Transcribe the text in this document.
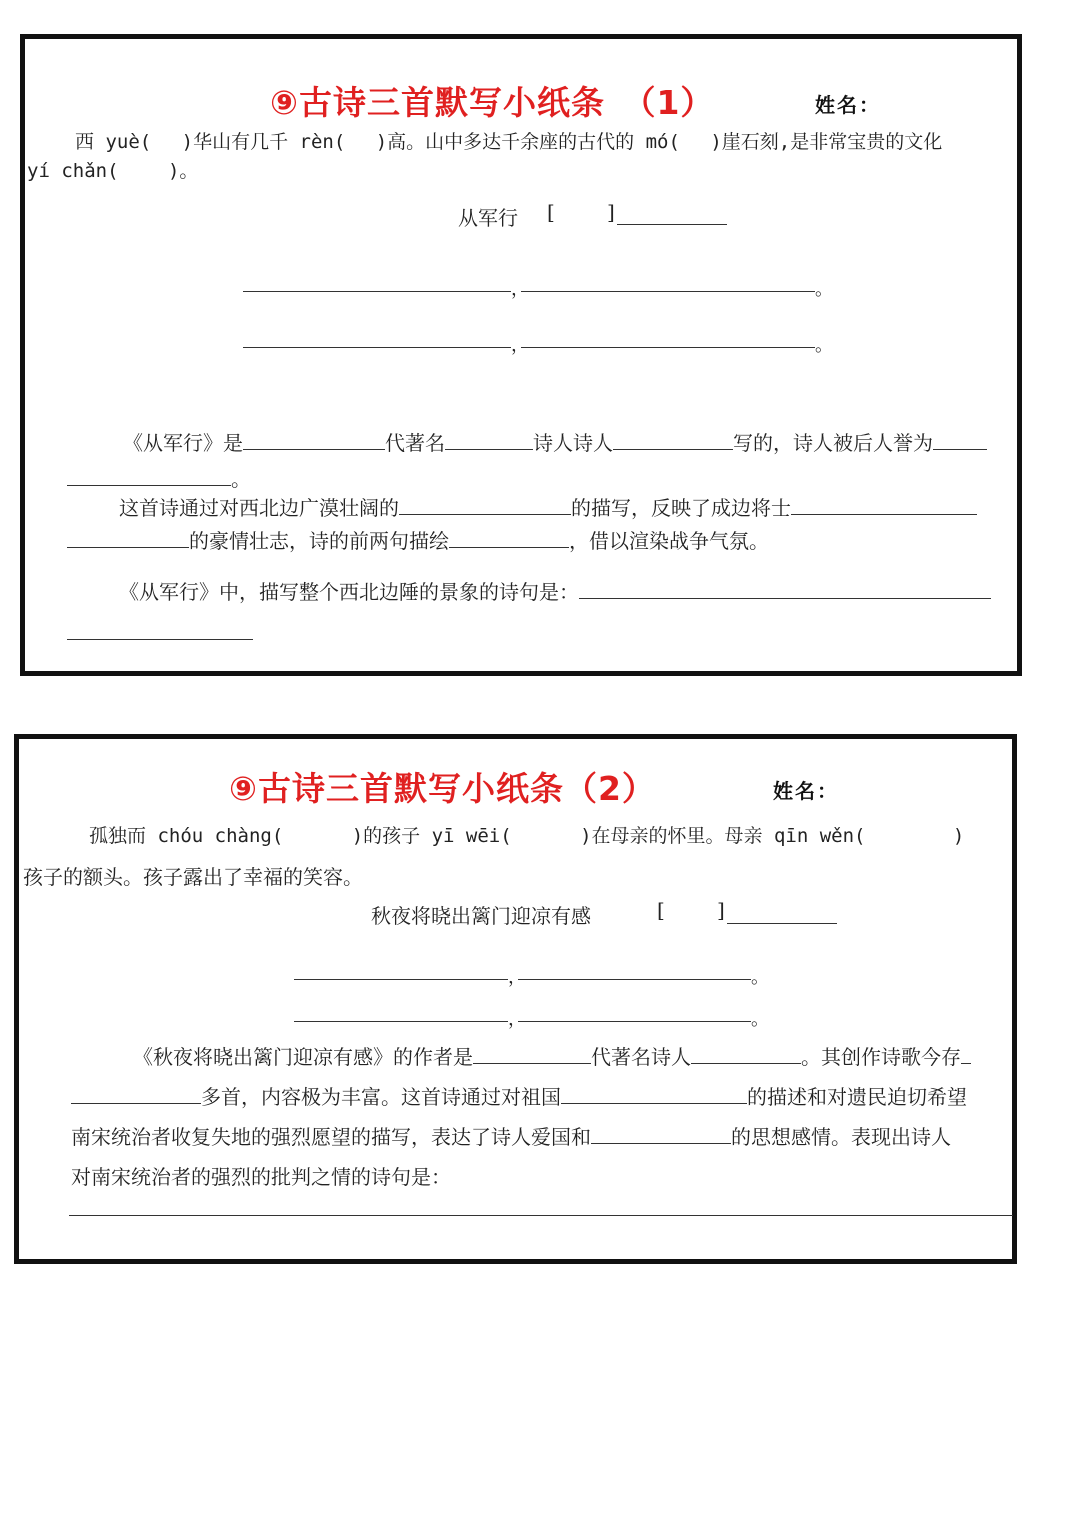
⑨古诗三首默写小纸条　（1）	姓名：
西 yuè(　 )华山有几千 rèn(　 )高。山中多达千余座的古代的 mó(　 )崖石刻,是非常宝贵的文化
yí chǎn(　　 )。
从军行 [	]
，	。
，	。
《从军行》是	代著名	诗人诗人	写的，诗人被后人誉为
。
这首诗通过对西北边广漠壮阔的	的描写，反映了成边将士
的豪情壮志，诗的前两句描绘	，借以渲染战争气氛。
《从军行》中，描写整个西北边陲的景象的诗句是：
⑨古诗三首默写小纸条（2）	姓名：
孤独而 chóu chàng(　　　 )的孩子 yī wēi(　　　 )在母亲的怀里。母亲 qīn wěn(　　　　 )
孩子的额头。孩子露出了幸福的笑容。
秋夜将晓出篱门迎凉有感	[	]
，	。
，	。
《秋夜将晓出篱门迎凉有感》的作者是	代著名诗人	。其创作诗歌今存
多首，内容极为丰富。这首诗通过对祖国	的描述和对遗民迫切希望
南宋统治者收复失地的强烈愿望的描写，表达了诗人爱国和	的思想感情。表现出诗人
对南宋统治者的强烈的批判之情的诗句是：
